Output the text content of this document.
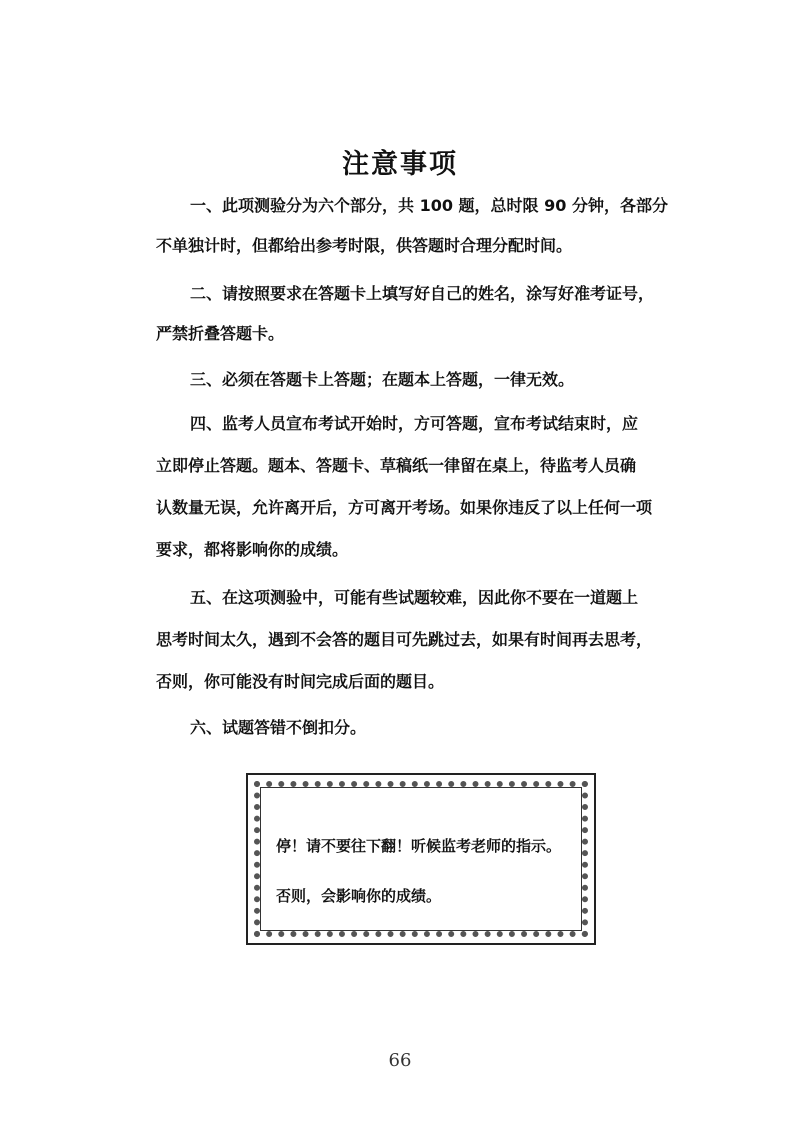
注意事项
一、此项测验分为六个部分，共 100 题，总时限 90 分钟，各部分
不单独计时，但都给出参考时限，供答题时合理分配时间。
二、请按照要求在答题卡上填写好自己的姓名，涂写好准考证号，
严禁折叠答题卡。
三、必须在答题卡上答题；在题本上答题，一律无效。
四、监考人员宣布考试开始时，方可答题，宣布考试结束时，应
立即停止答题。题本、答题卡、草稿纸一律留在桌上，待监考人员确
认数量无误，允许离开后，方可离开考场。如果你违反了以上任何一项
要求，都将影响你的成绩。
五、在这项测验中，可能有些试题较难，因此你不要在一道题上
思考时间太久，遇到不会答的题目可先跳过去，如果有时间再去思考，
否则，你可能没有时间完成后面的题目。
六、试题答错不倒扣分。
停！请不要往下翻！听候监考老师的指示。
否则，会影响你的成绩。
66
